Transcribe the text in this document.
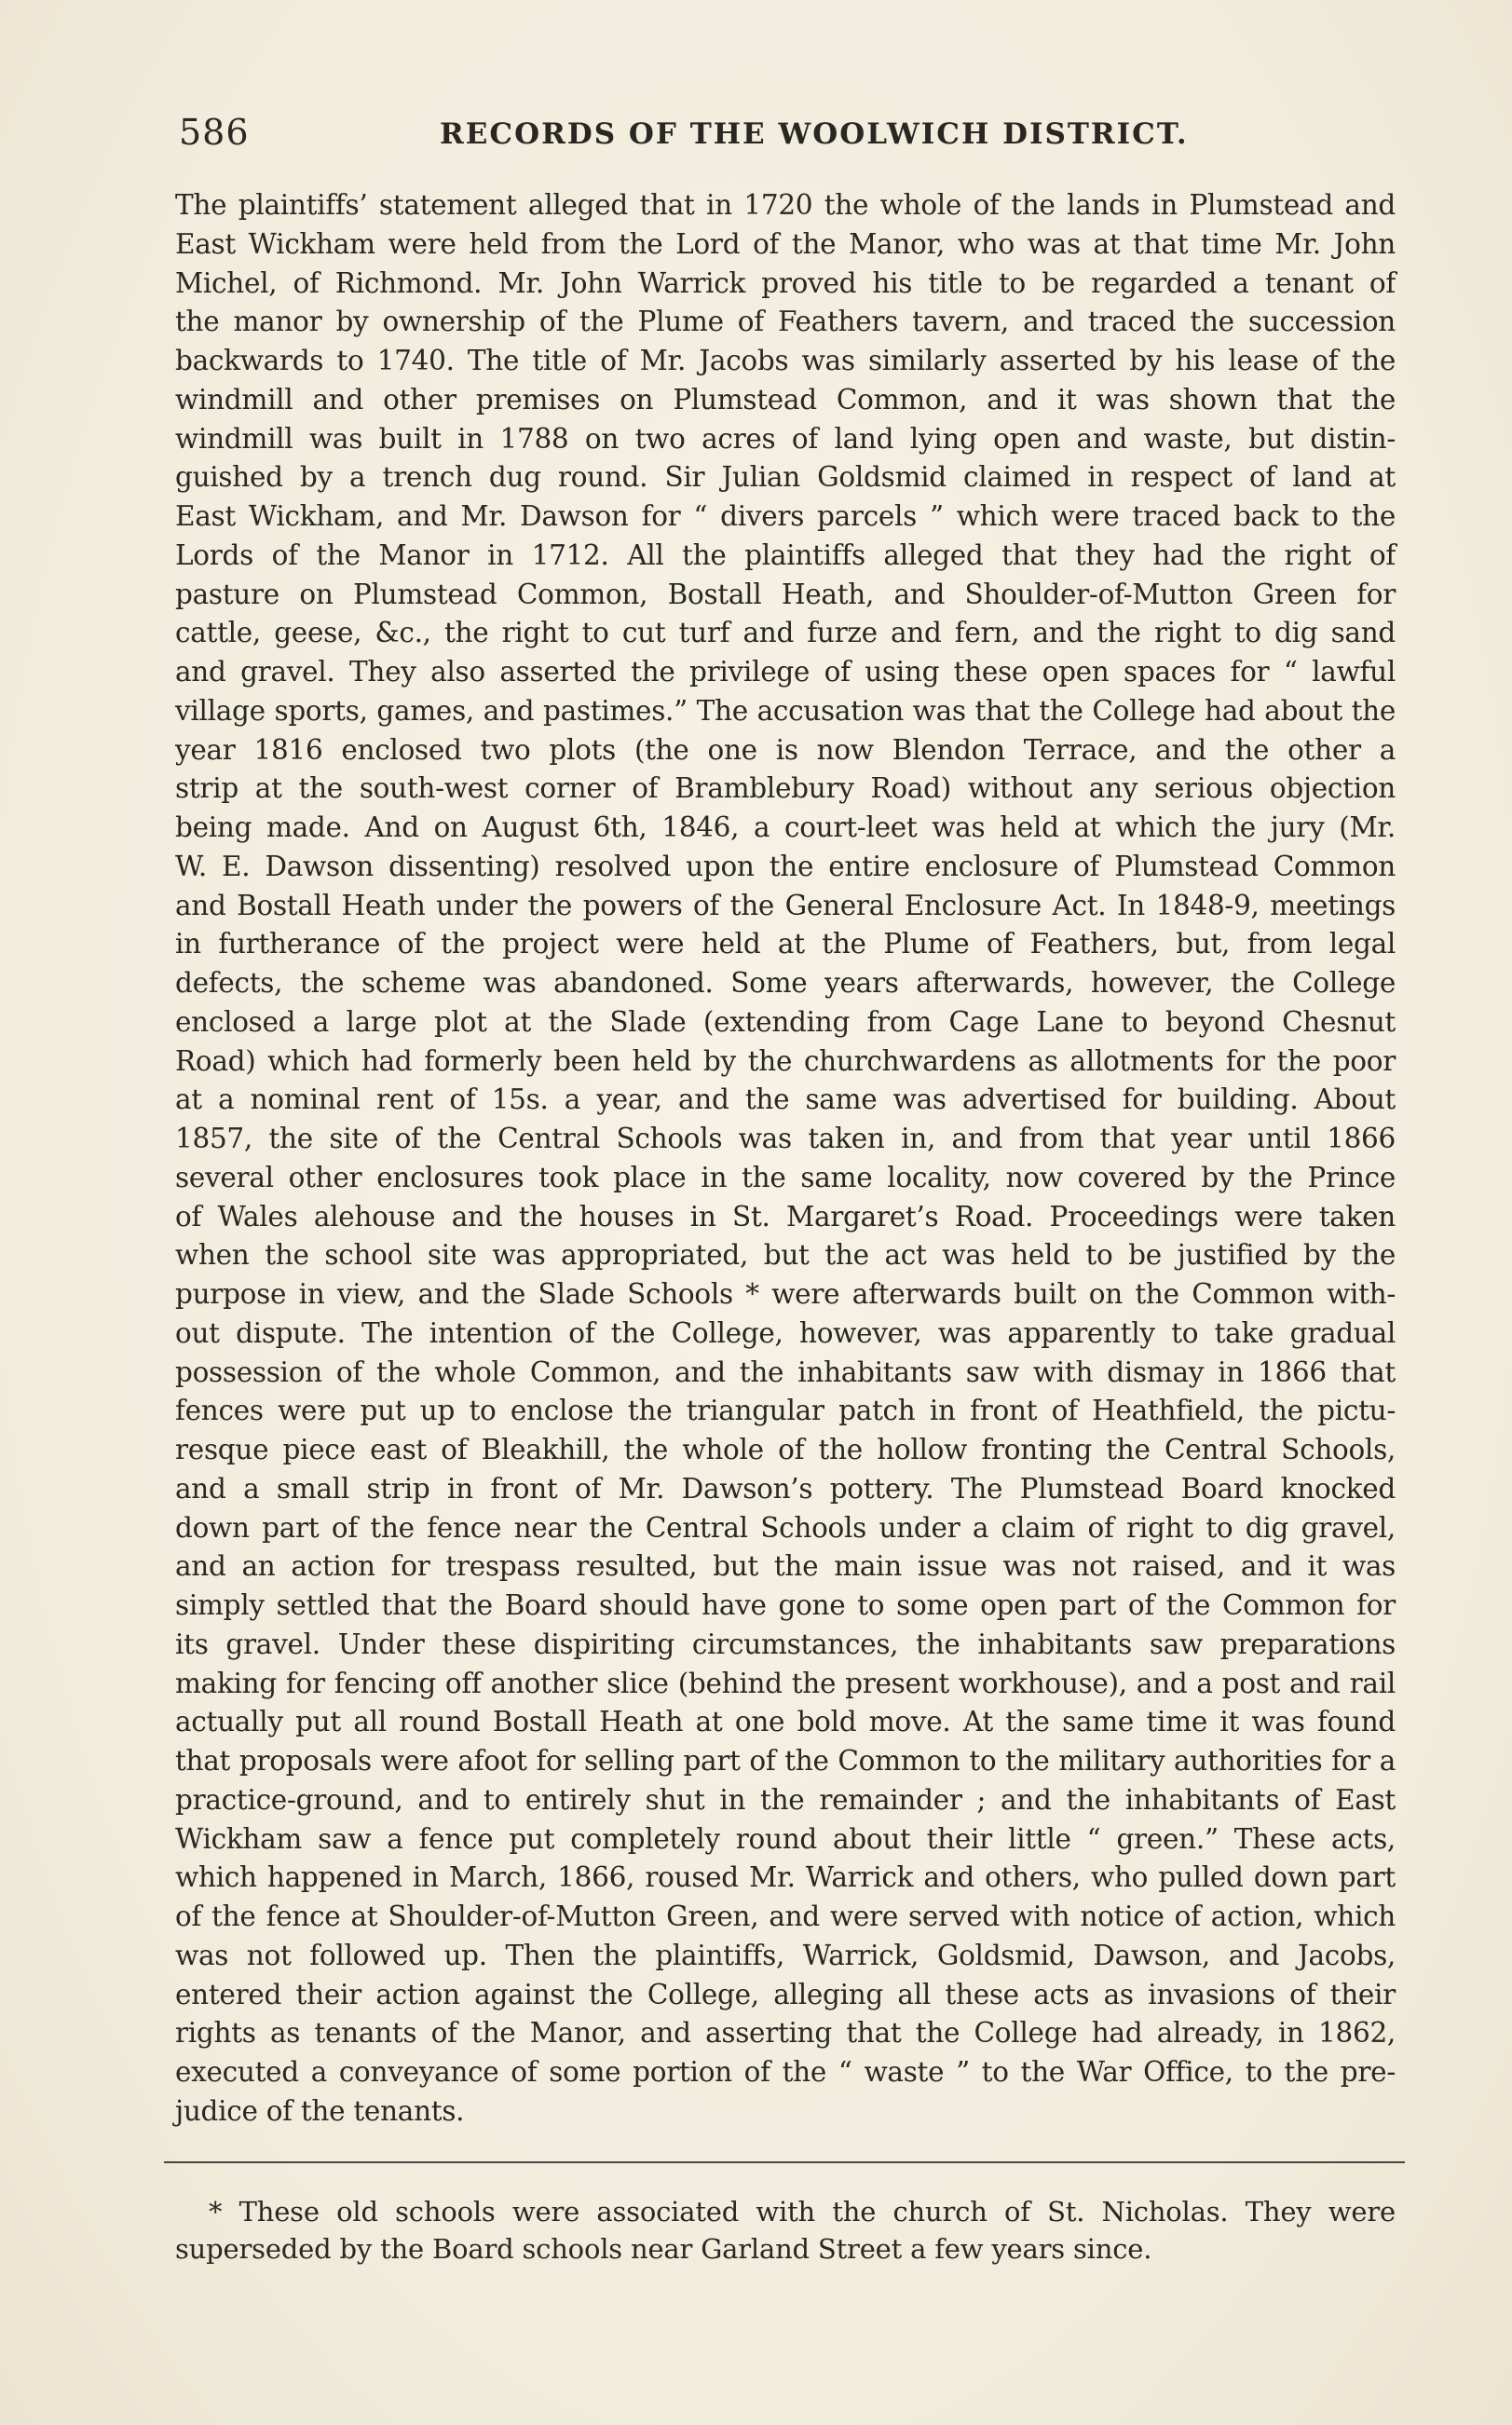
586	RECORDS OF THE WOOLWICH DISTRICT.
The plaintiffs’ statement alleged that in 1720 the whole of the lands in Plumstead and
East Wickham were held from the Lord of the Manor, who was at that time Mr. John
Michel, of Richmond. Mr. John Warrick proved his title to be regarded a tenant of
the manor by ownership of the Plume of Feathers tavern, and traced the succession
backwards to 1740. The title of Mr. Jacobs was similarly asserted by his lease of the
windmill and other premises on Plumstead Common, and it was shown that the
windmill was built in 1788 on two acres of land lying open and waste, but distin-
guished by a trench dug round. Sir Julian Goldsmid claimed in respect of land at
East Wickham, and Mr. Dawson for “ divers parcels ” which were traced back to the
Lords of the Manor in 1712. All the plaintiffs alleged that they had the right of
pasture on Plumstead Common, Bostall Heath, and Shoulder-of-Mutton Green for
cattle, geese, &c., the right to cut turf and furze and fern, and the right to dig sand
and gravel. They also asserted the privilege of using these open spaces for “ lawful
village sports, games, and pastimes.” The accusation was that the College had about the
year 1816 enclosed two plots (the one is now Blendon Terrace, and the other a
strip at the south-west corner of Bramblebury Road) without any serious objection
being made. And on August 6th, 1846, a court-leet was held at which the jury (Mr.
W. E. Dawson dissenting) resolved upon the entire enclosure of Plumstead Common
and Bostall Heath under the powers of the General Enclosure Act. In 1848-9, meetings
in furtherance of the project were held at the Plume of Feathers, but, from legal
defects, the scheme was abandoned. Some years afterwards, however, the College
enclosed a large plot at the Slade (extending from Cage Lane to beyond Chesnut
Road) which had formerly been held by the churchwardens as allotments for the poor
at a nominal rent of 15s. a year, and the same was advertised for building. About
1857, the site of the Central Schools was taken in, and from that year until 1866
several other enclosures took place in the same locality, now covered by the Prince
of Wales alehouse and the houses in St. Margaret’s Road. Proceedings were taken
when the school site was appropriated, but the act was held to be justified by the
purpose in view, and the Slade Schools * were afterwards built on the Common with-
out dispute. The intention of the College, however, was apparently to take gradual
possession of the whole Common, and the inhabitants saw with dismay in 1866 that
fences were put up to enclose the triangular patch in front of Heathfield, the pictu-
resque piece east of Bleakhill, the whole of the hollow fronting the Central Schools,
and a small strip in front of Mr. Dawson’s pottery. The Plumstead Board knocked
down part of the fence near the Central Schools under a claim of right to dig gravel,
and an action for trespass resulted, but the main issue was not raised, and it was
simply settled that the Board should have gone to some open part of the Common for
its gravel. Under these dispiriting circumstances, the inhabitants saw preparations
making for fencing off another slice (behind the present workhouse), and a post and rail
actually put all round Bostall Heath at one bold move. At the same time it was found
that proposals were afoot for selling part of the Common to the military authorities for a
practice-ground, and to entirely shut in the remainder ; and the inhabitants of East
Wickham saw a fence put completely round about their little “ green.” These acts,
which happened in March, 1866, roused Mr. Warrick and others, who pulled down part
of the fence at Shoulder-of-Mutton Green, and were served with notice of action, which
was not followed up. Then the plaintiffs, Warrick, Goldsmid, Dawson, and Jacobs,
entered their action against the College, alleging all these acts as invasions of their
rights as tenants of the Manor, and asserting that the College had already, in 1862,
executed a conveyance of some portion of the “ waste ” to the War Office, to the pre-
judice of the tenants.
* These old schools were associated with the church of St. Nicholas. They were
superseded by the Board schools near Garland Street a few years since.
